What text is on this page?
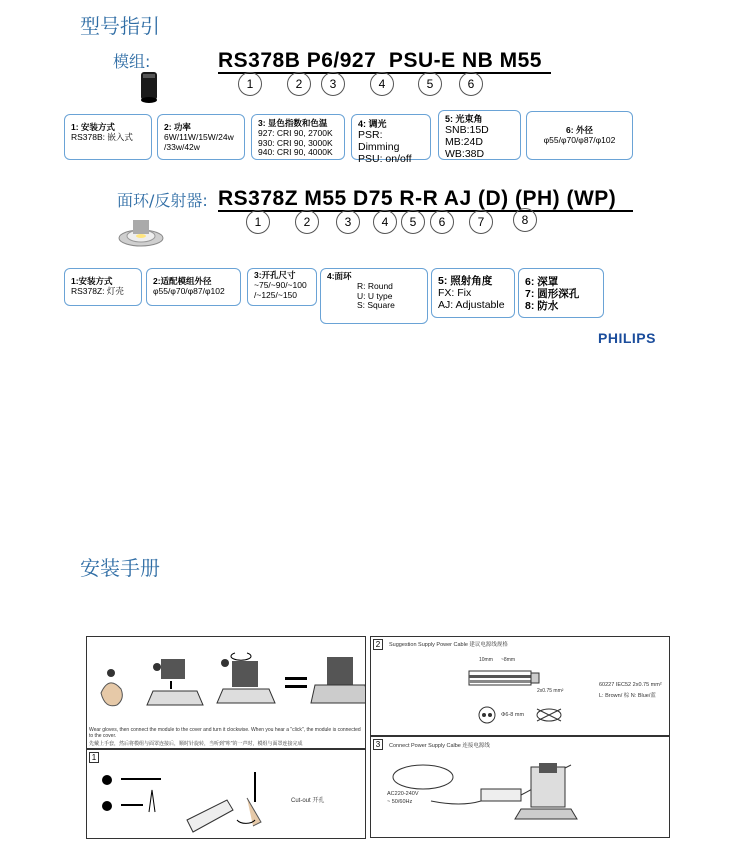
型号指引
模组:	RS378B P6/927  PSU-E NB M55
1	2	3	4	5	6
1: 安装方式
RS378B: 嵌入式
2: 功率
6W/11W/15W/24w
/33w/42w
3: 显色指数和色温
927: CRI 90, 2700K
930: CRI 90, 3000K
940: CRI 90, 4000K
4: 调光
PSR: Dimming
PSU: on/off
5: 光束角
SNB:15D
MB:24D
WB:38D
6: 外径
φ55/φ70/φ87/φ102
面环/反射器: RS378Z M55 D75 R-R AJ (D) (PH) (WP)
1	2	3	4	5	6	7	8
1:安装方式
RS378Z: 灯壳
2:适配模组外径
φ55/φ70/φ87/φ102
3:开孔尺寸
~75/~90/~100
/~125/~150
4:面环
R: Round
U: U type
S: Square
5: 照射角度
FX: Fix
AJ: Adjustable
6: 深罩
7: 圆形深孔
8: 防水
PHILIPS
安装手册
Wear gloves, then connect the module to the cover and turn it clockwise. When you hear a "click", the module is connected to the cover.
先戴上手套，然后将模组与面罩连接后，顺时针旋转，当听到"咔"的一声时，模组与面罩连接完成
1
Cut-out 开孔
2	Suggestion Supply Power Cable 建议电源线规格
10mm ~8mm
2x0.75 mm²
60227 IEC52 2x0.75 mm²
L: Brown/ 棕 N: Blue/蓝
Φ6-8 mm
3	Connect Power Supply Calbe 连接电源线
AC220-240V
~ 50/60Hz
